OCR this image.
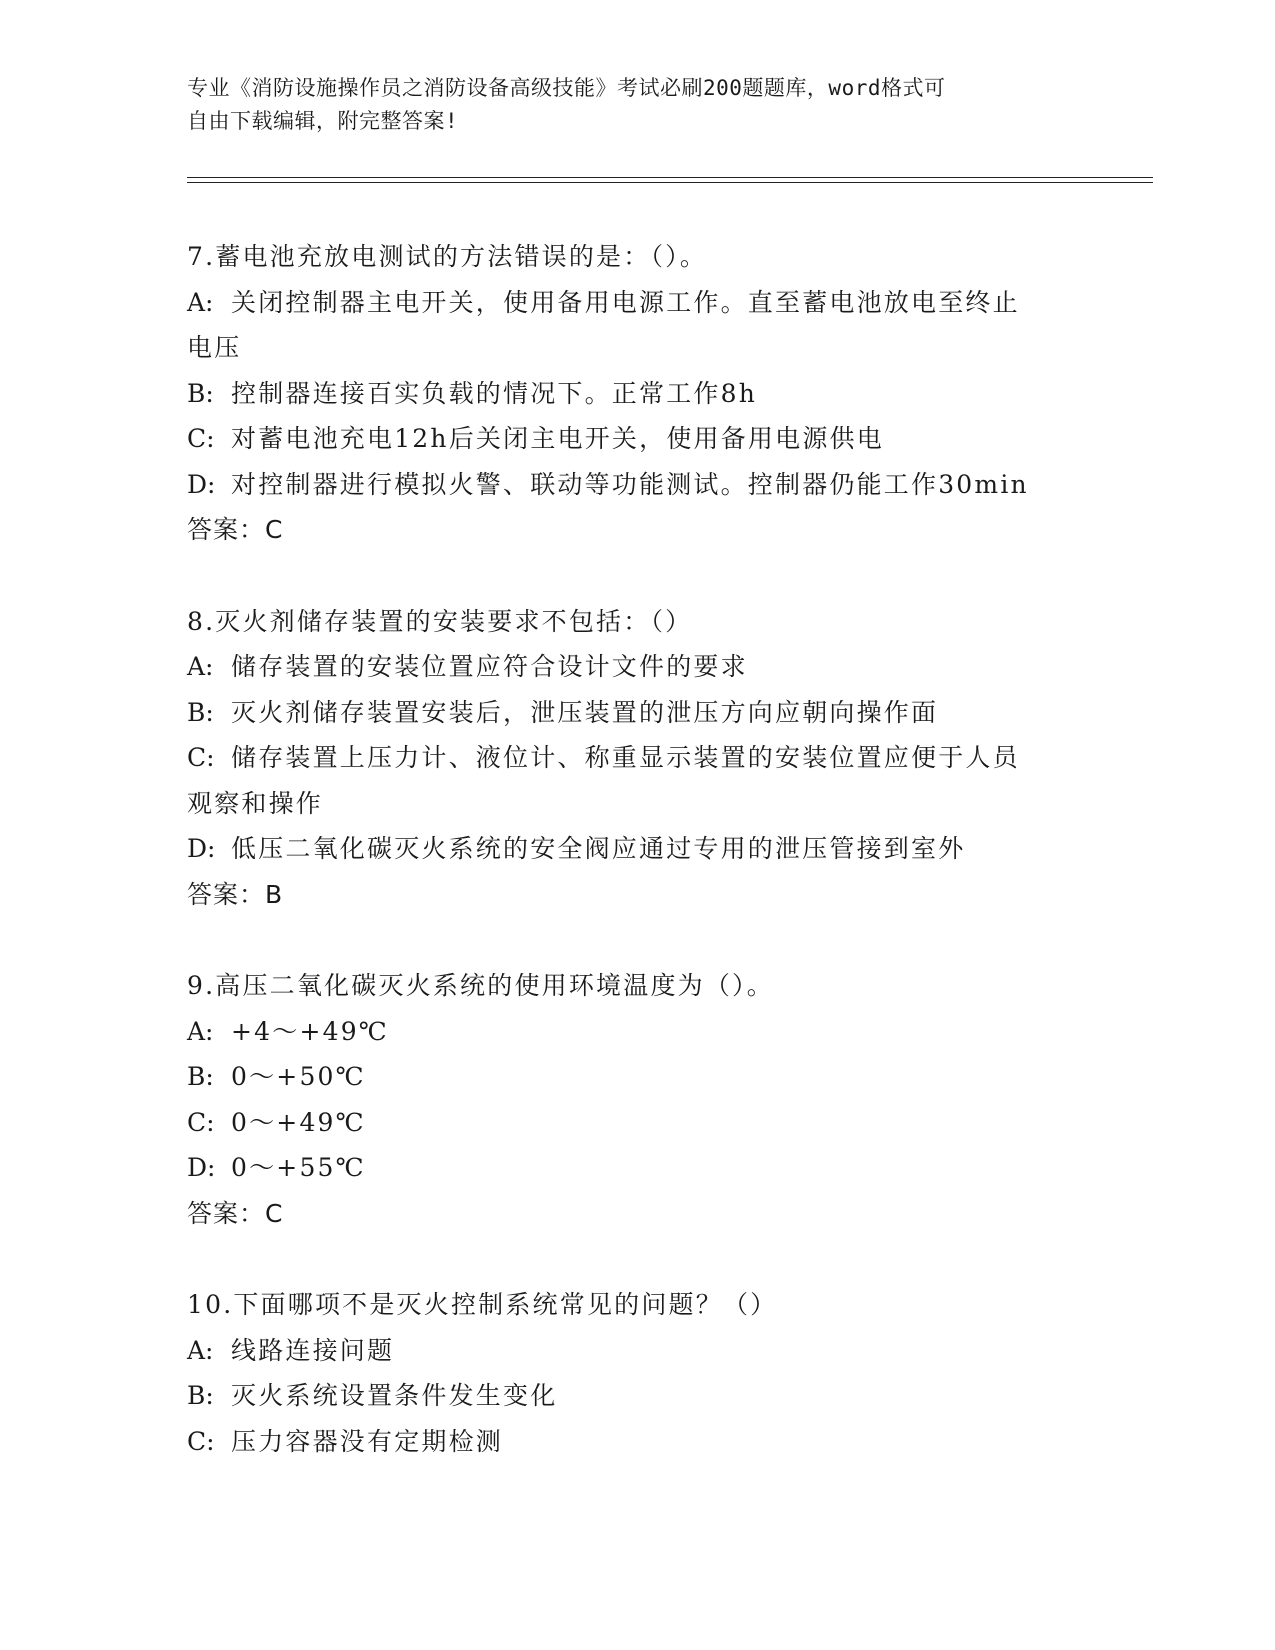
专业《消防设施操作员之消防设备高级技能》考试必刷200题题库，word格式可
自由下载编辑，附完整答案!
7.蓄电池充放电测试的方法错误的是：（）。
A: 关闭控制器主电开关，使用备用电源工作。直至蓄电池放电至终止
电压
B: 控制器连接百实负载的情况下。正常工作8h
C: 对蓄电池充电12h后关闭主电开关，使用备用电源供电
D: 对控制器进行模拟火警、联动等功能测试。控制器仍能工作30min
答案：C
8.灭火剂储存装置的安装要求不包括：（）
A: 储存装置的安装位置应符合设计文件的要求
B: 灭火剂储存装置安装后，泄压装置的泄压方向应朝向操作面
C: 储存装置上压力计、液位计、称重显示装置的安装位置应便于人员
观察和操作
D: 低压二氧化碳灭火系统的安全阀应通过专用的泄压管接到室外
答案：B
9.高压二氧化碳灭火系统的使用环境温度为（）。
A: +4～+49℃
B: 0～+50℃
C: 0～+49℃
D: 0～+55℃
答案：C
10.下面哪项不是灭火控制系统常见的问题？（）
A: 线路连接问题
B: 灭火系统设置条件发生变化
C: 压力容器没有定期检测
